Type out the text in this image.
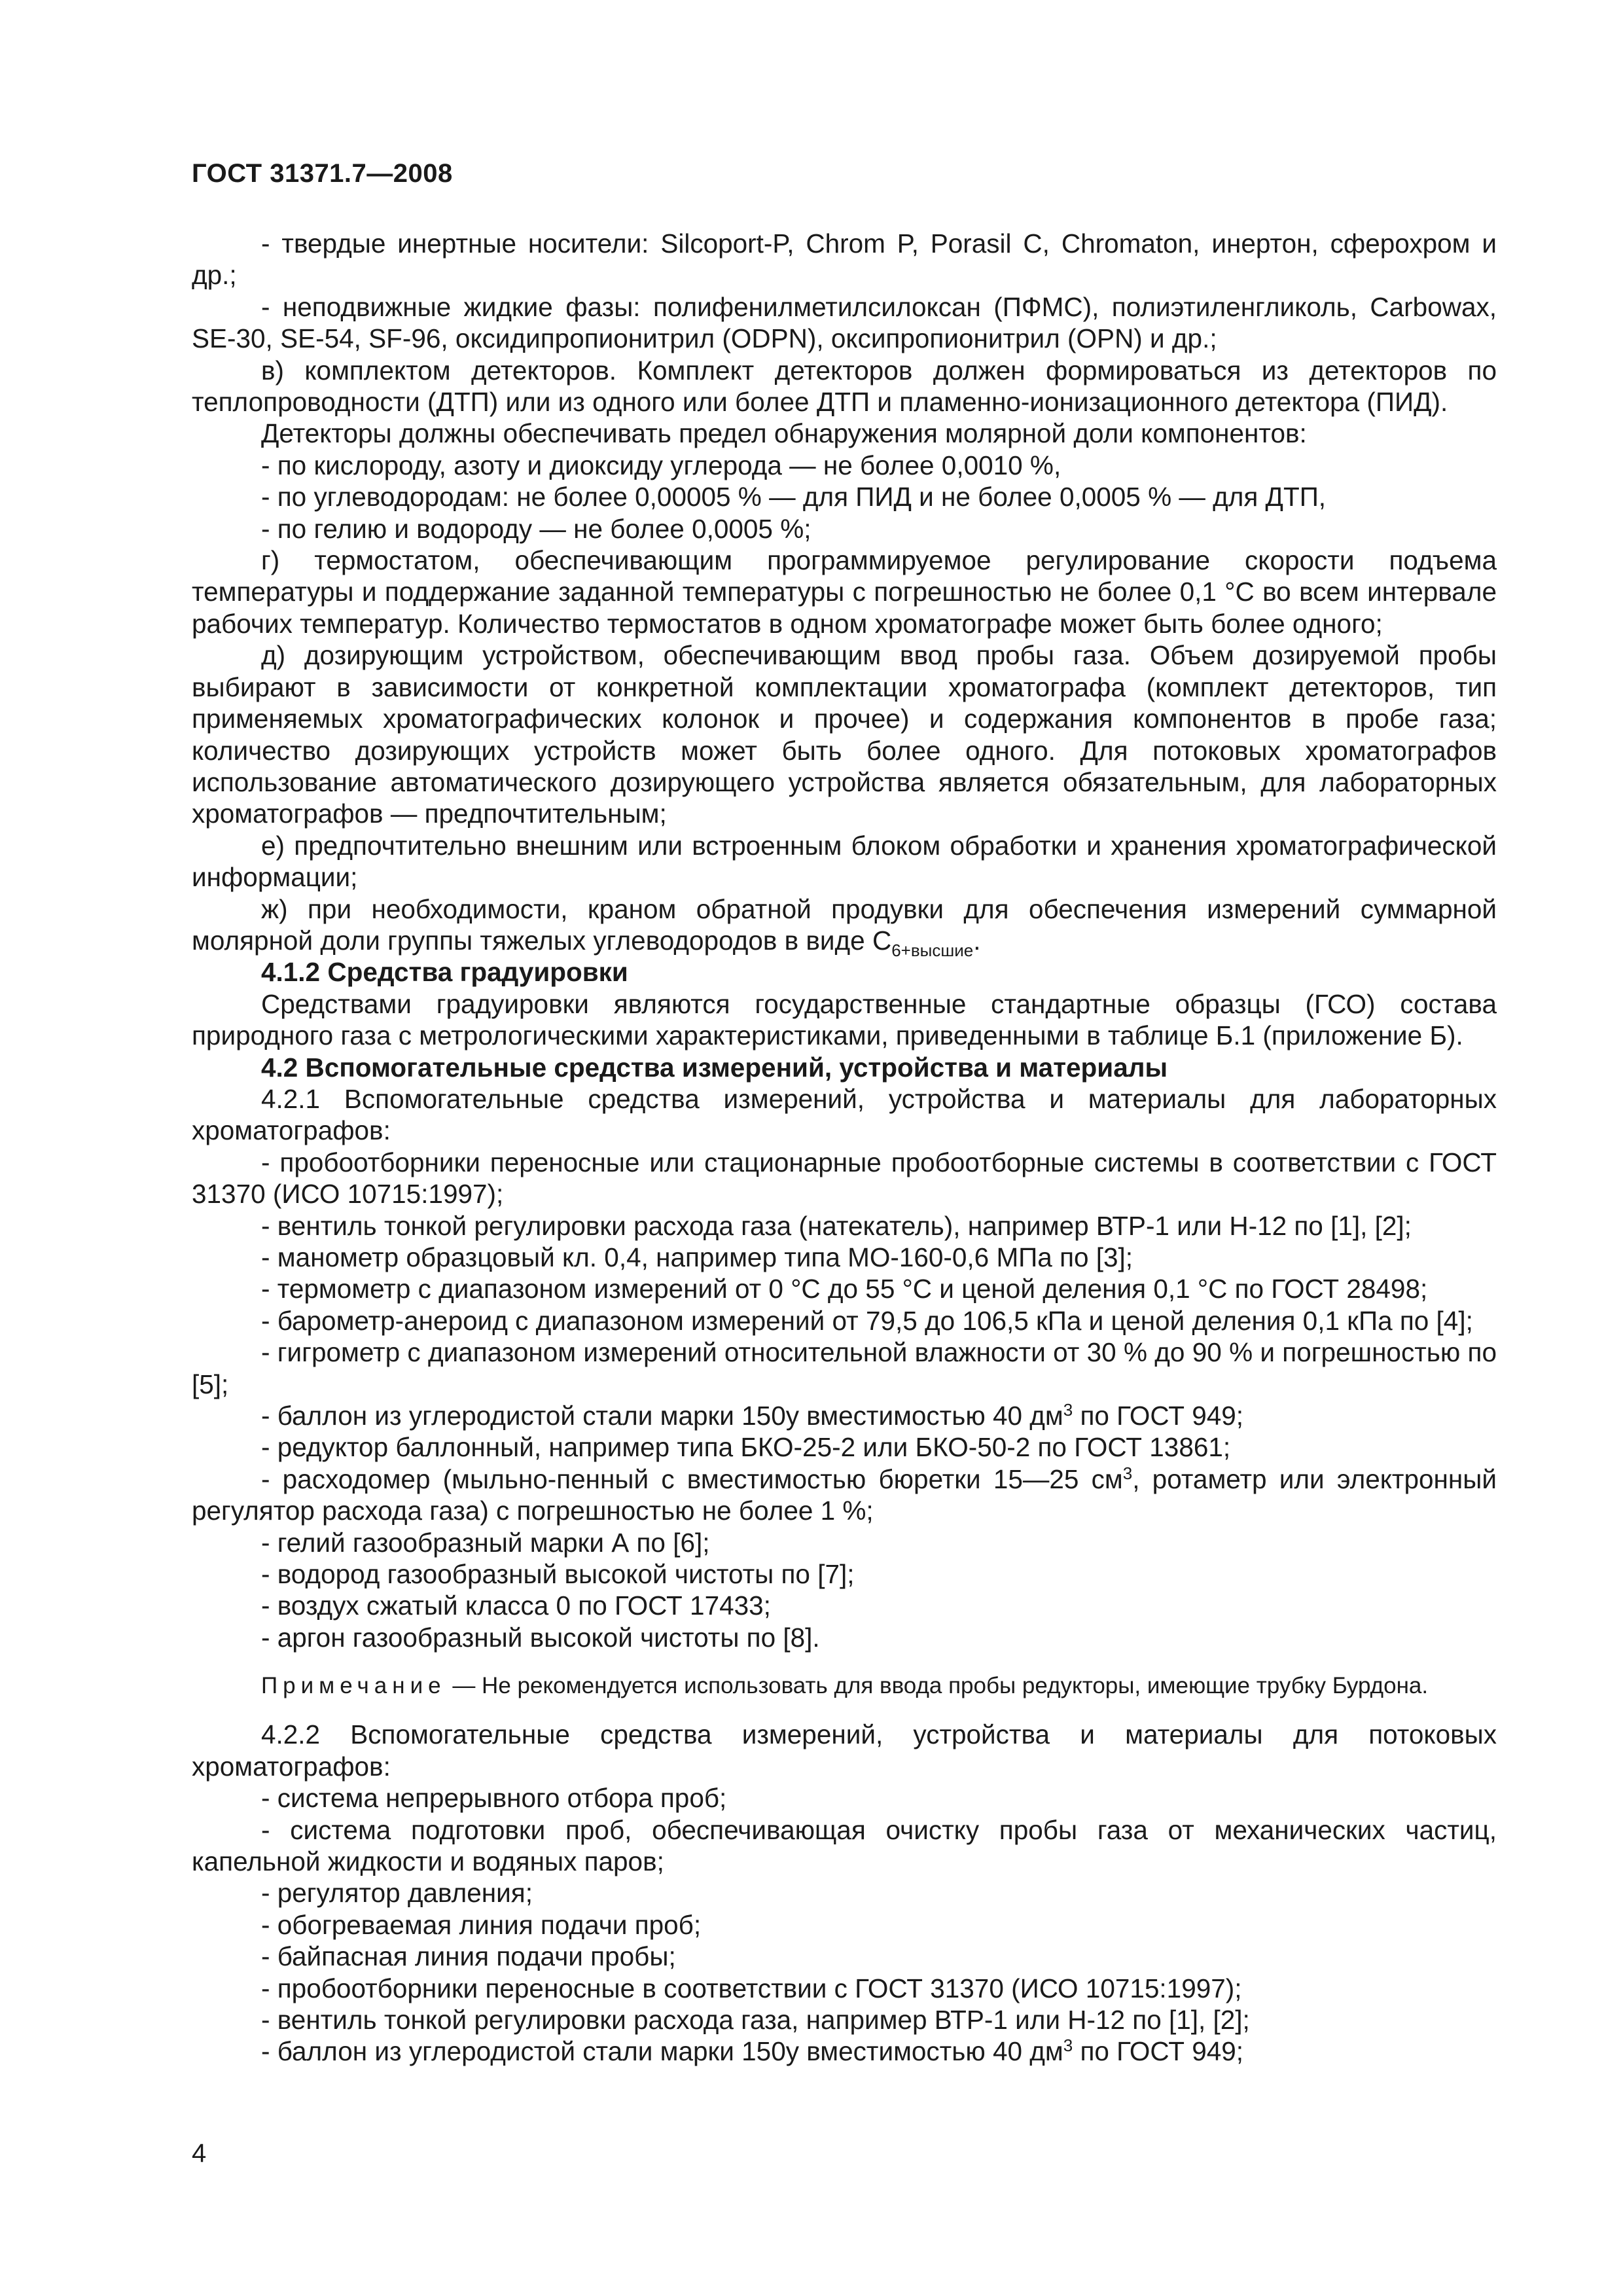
ГОСТ 31371.7—2008

- твердые инертные носители: Silcoport-P, Chrom P, Porasil C, Chromaton, инертон, сферохром и др.;

- неподвижные жидкие фазы: полифенилметилсилоксан (ПФМС), полиэтиленгликоль, Carbowax, SE-30, SE-54, SF-96, оксидипропионитрил (ODPN), оксипропионитрил (OPN) и др.;

в) комплектом детекторов. Комплект детекторов должен формироваться из детекторов по теплопроводности (ДТП) или из одного или более ДТП и пламенно-ионизационного детектора (ПИД).

Детекторы должны обеспечивать предел обнаружения молярной доли компонентов:

- по кислороду, азоту и диоксиду углерода — не более 0,0010 %,

- по углеводородам: не более 0,00005 % — для ПИД и не более 0,0005 % — для ДТП,

- по гелию и водороду — не более 0,0005 %;

г) термостатом, обеспечивающим программируемое регулирование скорости подъема температуры и поддержание заданной температуры с погрешностью не более 0,1 °С во всем интервале рабочих температур. Количество термостатов в одном хроматографе может быть более одного;

д) дозирующим устройством, обеспечивающим ввод пробы газа. Объем дозируемой пробы выбирают в зависимости от конкретной комплектации хроматографа (комплект детекторов, тип применяемых хроматографических колонок и прочее) и содержания компонентов в пробе газа; количество дозирующих устройств может быть более одного. Для потоковых хроматографов использование автоматического дозирующего устройства является обязательным, для лабораторных хроматографов — предпочтительным;

е) предпочтительно внешним или встроенным блоком обработки и хранения хроматографической информации;

ж) при необходимости, краном обратной продувки для обеспечения измерений суммарной молярной доли группы тяжелых углеводородов в виде $С_{6+высшие}$.

4.1.2 Средства градуировки

Средствами градуировки являются государственные стандартные образцы (ГСО) состава природного газа с метрологическими характеристиками, приведенными в таблице Б.1 (приложение Б).

4.2 Вспомогательные средства измерений, устройства и материалы

4.2.1 Вспомогательные средства измерений, устройства и материалы для лабораторных хроматографов:

- пробоотборники переносные или стационарные пробоотборные системы в соответствии с ГОСТ 31370 (ИСО 10715:1997);

- вентиль тонкой регулировки расхода газа (натекатель), например ВТР-1 или Н-12 по [1], [2];

- манометр образцовый кл. 0,4, например типа МО-160-0,6 МПа по [3];

- термометр с диапазоном измерений от 0 °С до 55 °С и ценой деления 0,1 °С по ГОСТ 28498;

- барометр-анероид с диапазоном измерений от 79,5 до 106,5 кПа и ценой деления 0,1 кПа по [4];

- гигрометр с диапазоном измерений относительной влажности от 30 % до 90 % и погрешностью по [5];

- баллон из углеродистой стали марки 150у вместимостью 40 $дм^3$ по ГОСТ 949;

- редуктор баллонный, например типа БКО-25-2 или БКО-50-2 по ГОСТ 13861;

- расходомер (мыльно-пенный с вместимостью бюретки 15—25 $см^3$, ротаметр или электронный регулятор расхода газа) с погрешностью не более 1 %;

- гелий газообразный марки А по [6];

- водород газообразный высокой чистоты по [7];

- воздух сжатый класса 0 по ГОСТ 17433;

- аргон газообразный высокой чистоты по [8].

Примечание — Не рекомендуется использовать для ввода пробы редукторы, имеющие трубку Бурдона.

4.2.2 Вспомогательные средства измерений, устройства и материалы для потоковых хроматографов:

- система непрерывного отбора проб;

- система подготовки проб, обеспечивающая очистку пробы газа от механических частиц, капельной жидкости и водяных паров;

- регулятор давления;

- обогреваемая линия подачи проб;

- байпасная линия подачи пробы;

- пробоотборники переносные в соответствии с ГОСТ 31370 (ИСО 10715:1997);

- вентиль тонкой регулировки расхода газа, например ВТР-1 или Н-12 по [1], [2];

- баллон из углеродистой стали марки 150у вместимостью 40 $дм^3$ по ГОСТ 949;

4
